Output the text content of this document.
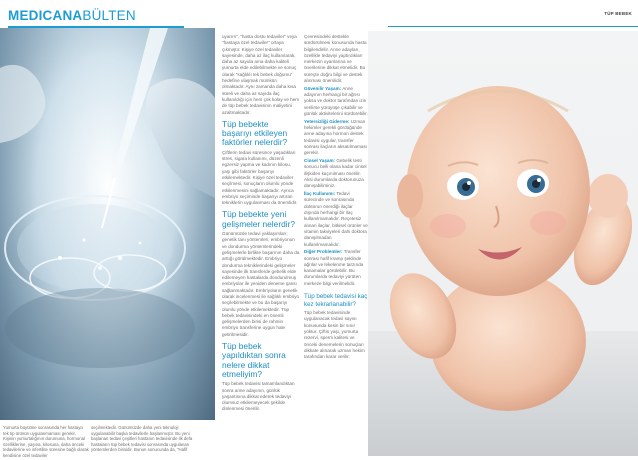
MEDICANABÜLTEN	TÜP BEBEK

uyarım", "hasta dostu tedaviler" veya "hastaya özel tedaviler" ortaya çıkmıştır. Kişiye özel tedaviler sayesinde, daha az ilaç kullanılarak, daha az sayıda ama daha kaliteli yumurta elde edilebilmekte ve sonuç olarak "sağlıklı tek bebek doğumu" hedefine ulaşmak mümkün olmaktadır. Aynı zamanda daha kısa süreli ve daha az sayıda ilaç kullanıldığı için hem çok kolay ve hem de tüp bebek tedavisinin maliyetini azaltmaktadır.

Tüp bebekte başarıyı etkileyen faktörler nelerdir?

Çiftlerin tedavi süresince yaşadıkları stres, sigara kullanımı, düzenli egzersiz yapma ve kadının kilosu, yaşı gibi faktörler başarıyı etkilemektedir. Kişiye özel tedaviler seçilmesi, sonuçların olumlu yönde etkilenmesini sağlamaktadır. Ayrıca embriyo seçiminde başarıyı artıran tekniklerin uygulanması da önemlidir.

Tüp bebekte yeni gelişmeler nelerdir?

Günümüzde tedavi yaklaşımları; genetik tanı yöntemleri, embriyonun ve dondurma yöntemlerindeki gelişmelerle birlikte başarının daha da arttığı görülmektedir. Embriyo dondurma tekniklerindeki gelişmeler sayesinde ilk transferde gebelik elde edilemeyen hastalarda dondurulmuş embriyolar ile yeniden deneme şansı sağlanmaktadır. Embriyoların genetik olarak incelenmesi ile sağlıklı embriyo seçilebilmekte ve bu da başarıyı olumlu yönde etkilemektedir. Tüp bebek tedavisindeki en önemli gelişmelerden birisi de rahmin embriyo transferine uygun hale getirilmesidir.

Tüp bebek yapıldıktan sonra nelere dikkat etmeliyim?

Tüp bebek tedavisi tamamlandıktan sonra anne adayının, günlük yaşantısına dikkat ederek tedaviyi olumsuz etkilemeyecek şekilde dinlenmesi önerilir.

Çevresindeki destekle sürdürülmesi konusunda hasta bilgilendirilir. Anne adayları, özellikle tedaviyi yaptırdıkları merkezin uyarılarına ve önerilerine dikkat etmelidir. Bu süreçte doğru bilgi ve destek alınması önemlidir.

Güvenilir Yaşam: Anne adayının herhangi bir ağrısı yoksa ve doktor tarafından izin verilirse yürüyüşe çıkabilir ve günlük aktivitelerini sürdürebilir.

Yetersizliği Giderme: Uzman hekimler gerekli gördüğünde anne adayına hormon destek tedavisi uygular, transfer sonrası ilaçların aksatılmaması gerekir.

Cinsel Yaşam: Gebelik testi sonucu belli olana kadar cinsel ilişkiden kaçınılması önerilir. Aksi durumlarda doktorunuza danışabilirsiniz.

İlaç Kullanımı: Tedavi sürecinde ve sonrasında doktorun önerdiği ilaçlar dışında herhangi bir ilaç kullanılmamalıdır. Reçetesiz alınan ilaçlar, bitkisel ürünler ve vitamin takviyeleri dahi doktora danışılmadan kullanılmamalıdır.

Diğer Problemler: Transfer sonrası hafif kramp şeklinde ağrılar ve lekelenme tarzında kanamalar görülebilir. Bu durumlarda tedaviyi yürüten merkeze bilgi verilmelidir.

Tüp bebek tedavisi kaç kez tekrarlanabilir?

Tüp bebek tedavisinde uygulanacak tedavi sayısı konusunda kesin bir sınır yoktur. Çiftin yaşı, yumurta rezervi, sperm kalitesi ve önceki denemelerin sonuçları dikkate alınarak uzman hekim tarafından karar verilir.

Yumurta büyütme sonrasında her hastaya tek tip ürünün uygulanmaması gerekir. Kişinin yumurtalığının durumuna, hormonal özelliklerine, yaşına, kilosuna, daha önceki tedavilerine ve infertilite süresine bağlı olarak kendisine özel tedaviler

seçilmektedir. Günümüzde daha yeni teknoloji uygulanabilir başka tedavilerle başlanmıştır. Bu yeni başlanan tedavi çeşitleri hastanın tedavisinde ilk defa hastaların tüp bebek tedavisi sonrasında uygulanan yöntemlerden birisidir. Bunun sonucunda da, "Hafif
